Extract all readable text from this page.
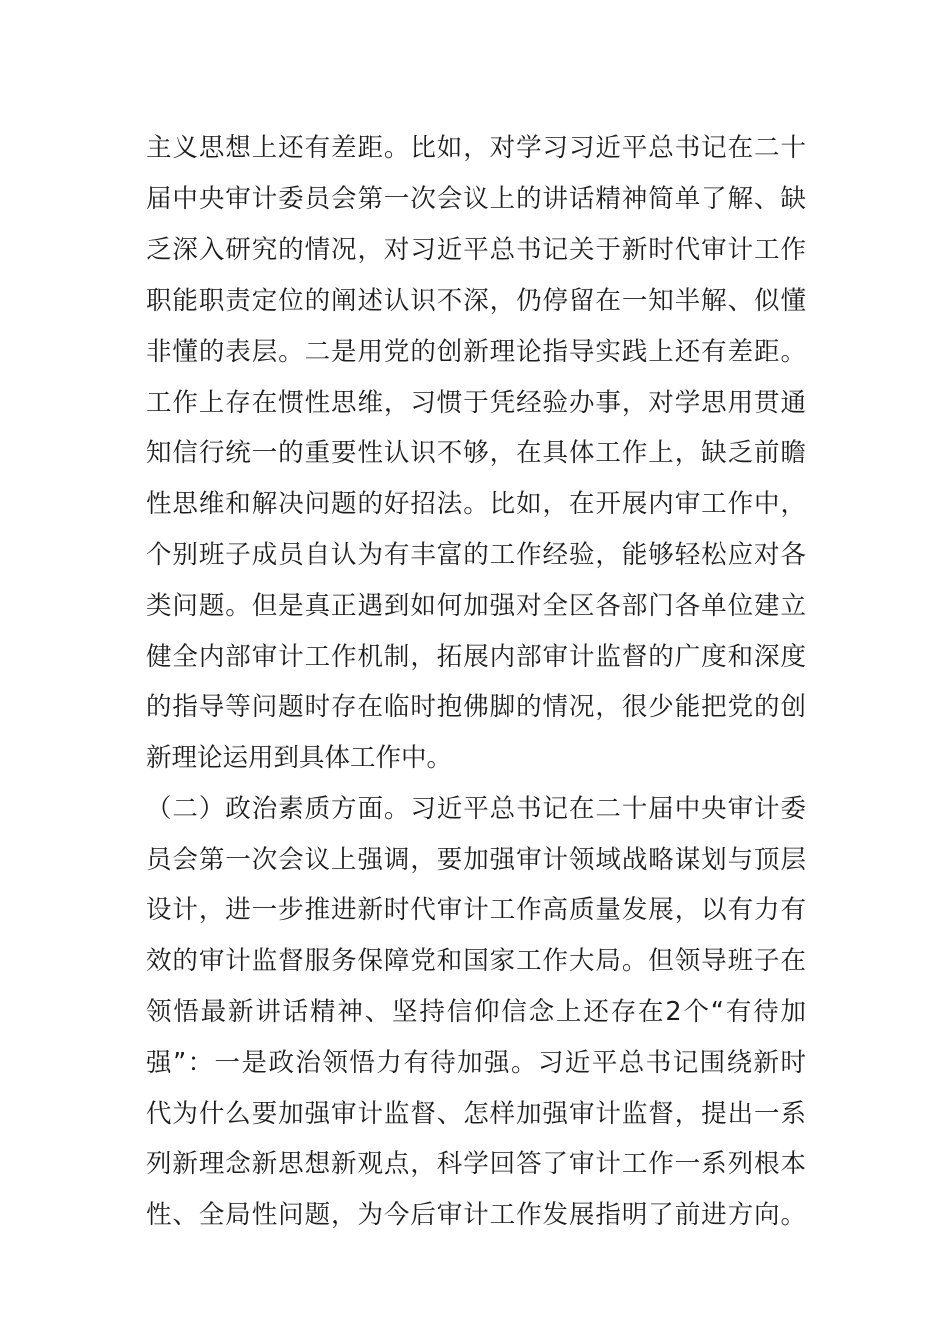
主义思想上还有差距。比如，对学习习近平总书记在二十
届中央审计委员会第一次会议上的讲话精神简单了解、缺
乏深入研究的情况，对习近平总书记关于新时代审计工作
职能职责定位的阐述认识不深，仍停留在一知半解、似懂
非懂的表层。二是用党的创新理论指导实践上还有差距。
工作上存在惯性思维，习惯于凭经验办事，对学思用贯通
知信行统一的重要性认识不够，在具体工作上，缺乏前瞻
性思维和解决问题的好招法。比如，在开展内审工作中，
个别班子成员自认为有丰富的工作经验，能够轻松应对各
类问题。但是真正遇到如何加强对全区各部门各单位建立
健全内部审计工作机制，拓展内部审计监督的广度和深度
的指导等问题时存在临时抱佛脚的情况，很少能把党的创
新理论运用到具体工作中。
（二）政治素质方面。习近平总书记在二十届中央审计委
员会第一次会议上强调，要加强审计领域战略谋划与顶层
设计，进一步推进新时代审计工作高质量发展，以有力有
效的审计监督服务保障党和国家工作大局。但领导班子在
领悟最新讲话精神、坚持信仰信念上还存在2个“有待加
强”：一是政治领悟力有待加强。习近平总书记围绕新时
代为什么要加强审计监督、怎样加强审计监督，提出一系
列新理念新思想新观点，科学回答了审计工作一系列根本
性、全局性问题，为今后审计工作发展指明了前进方向。
